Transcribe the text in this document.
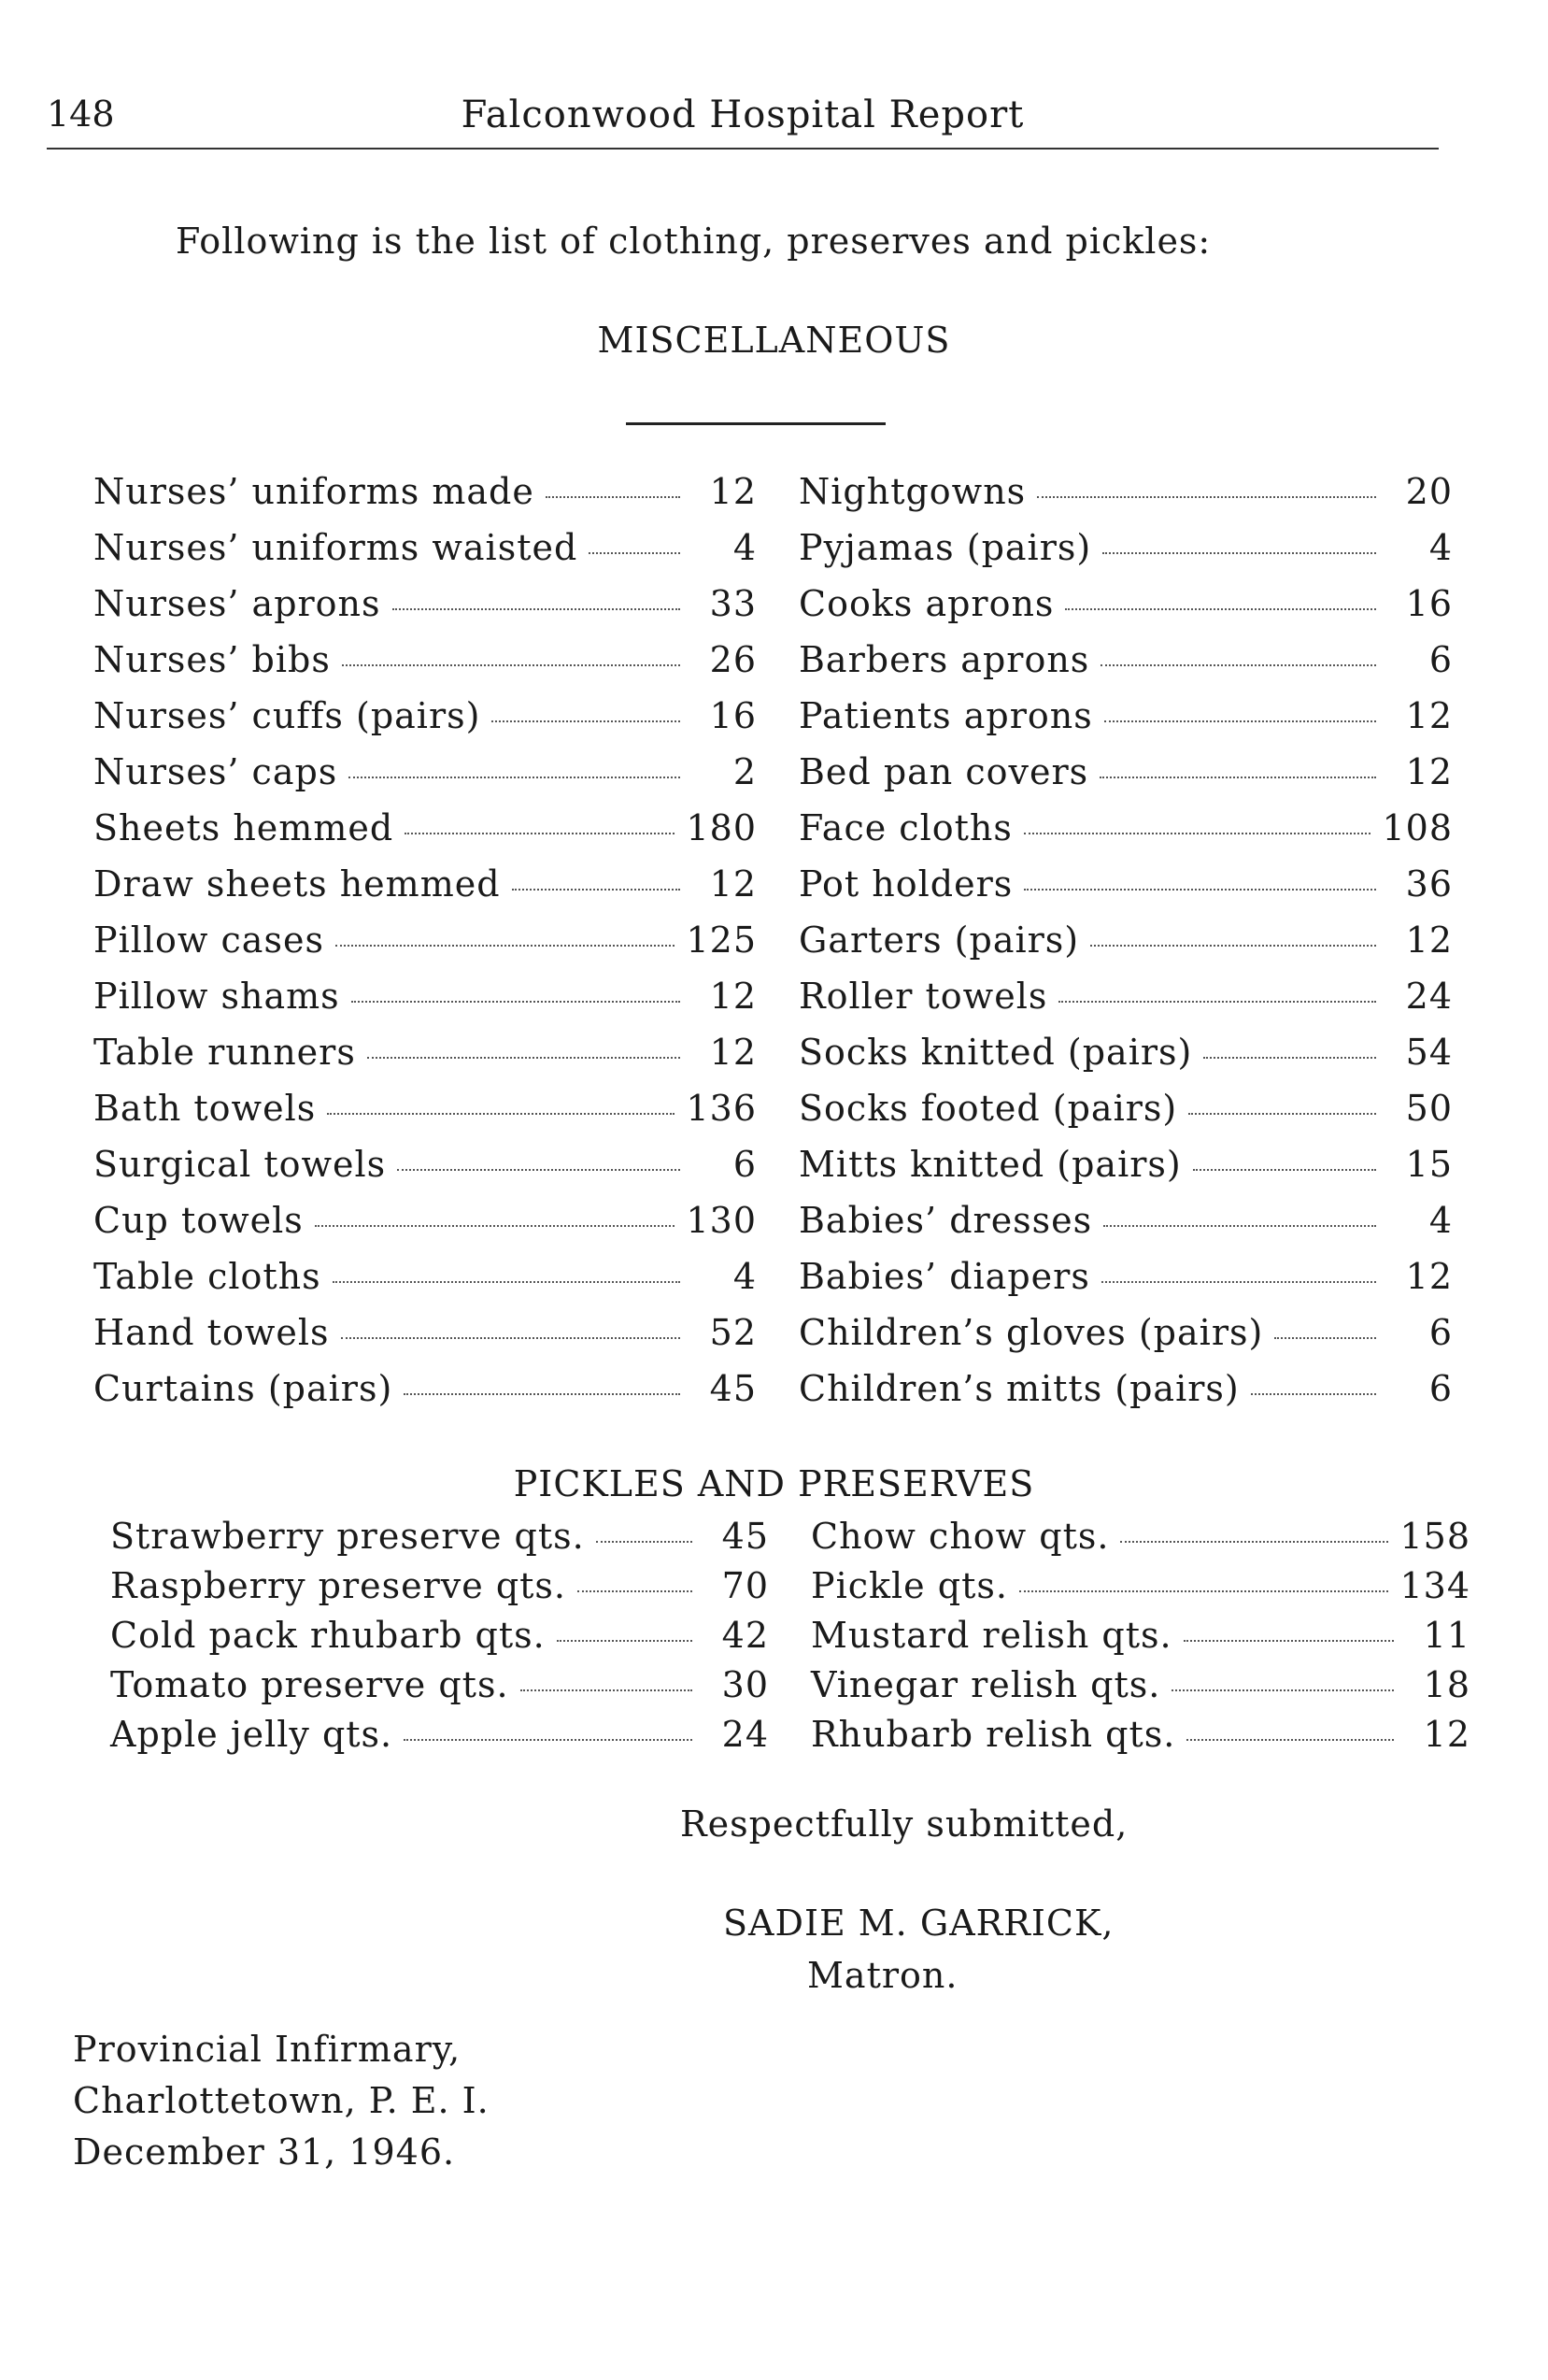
148	Falconwood Hospital Report
Following is the list of clothing, preserves and pickles:
MISCELLANEOUS
Nurses’ uniforms made	12
Nurses’ uniforms waisted	4
Nurses’ aprons	33
Nurses’ bibs	26
Nurses’ cuffs (pairs)	16
Nurses’ caps	2
Sheets hemmed	180
Draw sheets hemmed	12
Pillow cases	125
Pillow shams	12
Table runners	12
Bath towels	136
Surgical towels	6
Cup towels	130
Table cloths	4
Hand towels	52
Curtains (pairs)	45
Nightgowns	20
Pyjamas (pairs)	4
Cooks aprons	16
Barbers aprons	6
Patients aprons	12
Bed pan covers	12
Face cloths	108
Pot holders	36
Garters (pairs)	12
Roller towels	24
Socks knitted (pairs)	54
Socks footed (pairs)	50
Mitts knitted (pairs)	15
Babies’ dresses	4
Babies’ diapers	12
Children’s gloves (pairs)	6
Children’s mitts (pairs)	6
PICKLES AND PRESERVES
Strawberry preserve qts.	45
Raspberry preserve qts.	70
Cold pack rhubarb qts.	42
Tomato preserve qts.	30
Apple jelly qts.	24
Chow chow qts.	158
Pickle qts.	134
Mustard relish qts.	11
Vinegar relish qts.	18
Rhubarb relish qts.	12
Respectfully submitted,
SADIE M. GARRICK,
Matron.
Provincial Infirmary,
Charlottetown, P. E. I.
December 31, 1946.
